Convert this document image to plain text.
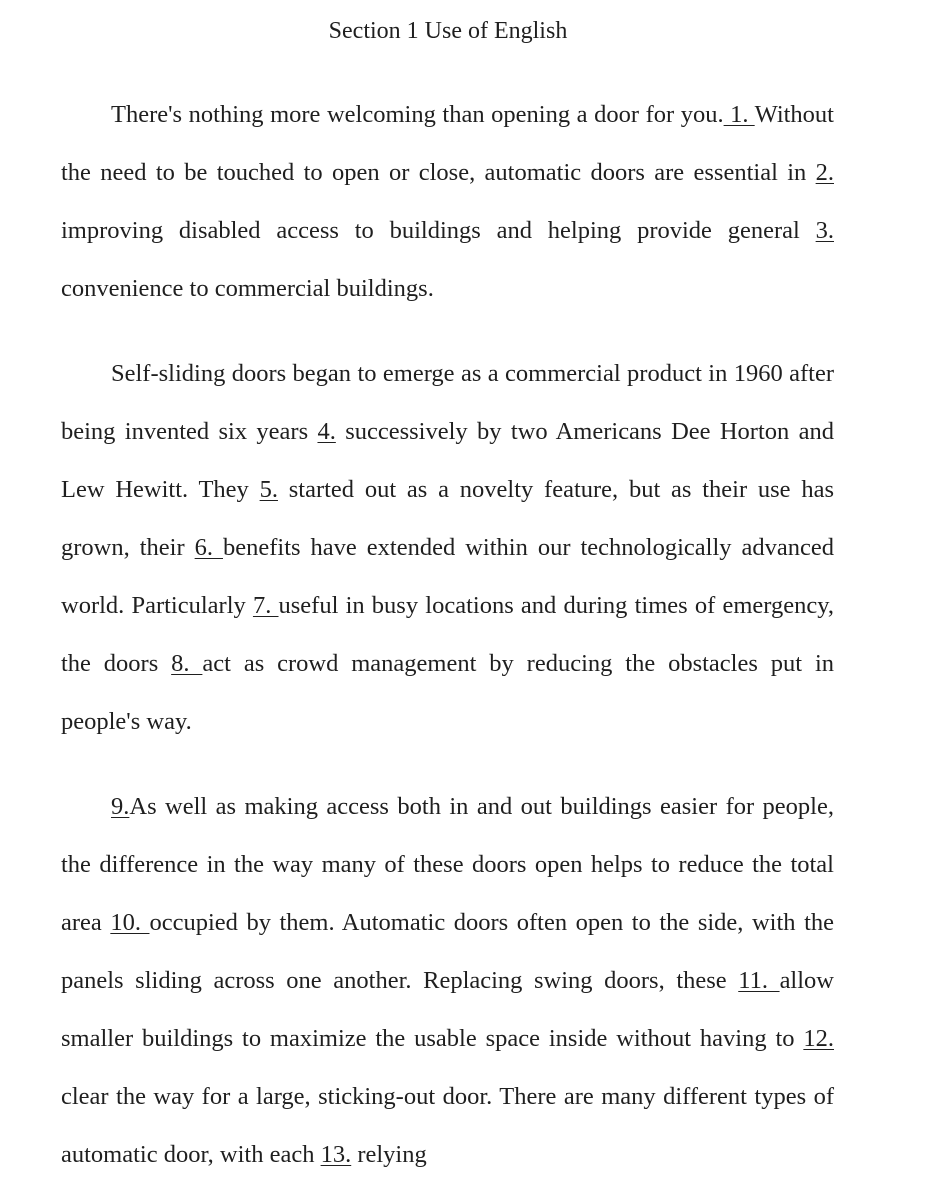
Section 1 Use of English

There's nothing more welcoming than opening a door for you. 1. Without the need to be touched to open or close, automatic doors are essential in 2. improving disabled access to buildings and helping provide general 3. convenience to commercial buildings.

Self-sliding doors began to emerge as a commercial product in 1960 after being invented six years 4. successively by two Americans Dee Horton and Lew Hewitt. They 5. started out as a novelty feature, but as their use has grown, their 6. benefits have extended within our technologically advanced world. Particularly 7. useful in busy locations and during times of emergency, the doors 8. act as crowd management by reducing the obstacles put in people's way.

9.As well as making access both in and out buildings easier for people, the difference in the way many of these doors open helps to reduce the total area 10. occupied by them. Automatic doors often open to the side, with the panels sliding across one another. Replacing swing doors, these 11. allow smaller buildings to maximize the usable space inside without having to 12. clear the way for a large, sticking-out door. There are many different types of automatic door, with each 13. relying
